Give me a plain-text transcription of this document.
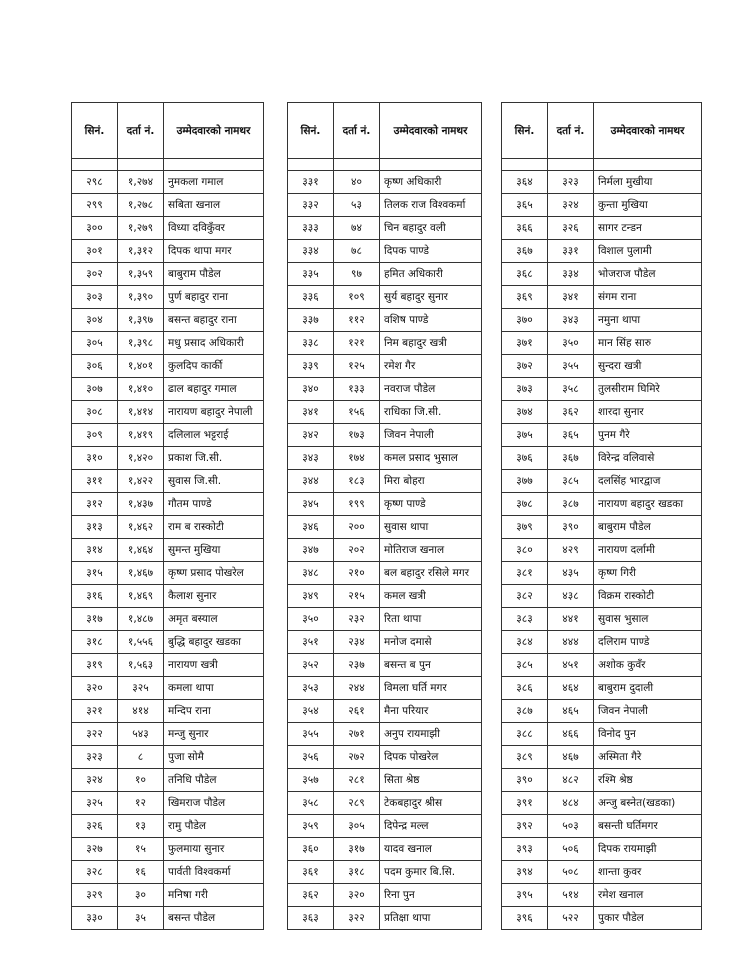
सिनं.	दर्ता नं.	उम्मेदवारको नामथर

२९८	१,२७४	नुमकला गमाल
२९९	१,२७८	सबिता खनाल
३००	१,२७९	विध्या दविकुँवर
३०१	१,३१२	दिपक थापा मगर
३०२	१,३५९	बाबुराम पौडेल
३०३	१,३९०	पुर्ण बहादुर राना
३०४	१,३९७	बसन्त बहादुर राना
३०५	१,३९८	मधु प्रसाद अधिकारी
३०६	१,४०१	कुलदिप कार्की
३०७	१,४१०	ढाल बहादुर गमाल
३०८	१,४१४	नारायण बहादुर नेपाली
३०९	१,४१९	दलिलाल भट्टराई
३१०	१,४२०	प्रकाश जि.सी.
३११	१,४२२	सुवास जि.सी.
३१२	१,४३७	गौतम पाण्डे
३१३	१,४६२	राम ब रास्कोटी
३१४	१,४६४	सुमन्त मुखिया
३१५	१,४६७	कृष्ण प्रसाद पोखरेल
३१६	१,४६९	कैलाश सुनार
३१७	१,४८७	अमृत बस्याल
३१८	१,५५६	बुद्धि बहादुर खडका
३१९	१,५६३	नारायण खत्री
३२०	३२५	कमला थापा
३२१	४१४	मन्दिप राना
३२२	५४३	मन्जु सुनार
३२३	८	पुजा सोमै
३२४	१०	तनिधि पौडेल
३२५	१२	खिमराज पौडेल
३२६	१३	रामु पौडेल
३२७	१५	फुलमाया सुनार
३२८	१६	पार्वती विश्वकर्मा
३२९	३०	मनिषा गरी
३३०	३५	बसन्त पौडेल
सिनं.	दर्ता नं.	उम्मेदवारको नामथर

३३१	४०	कृष्ण अधिकारी
३३२	५३	तिलक राज विश्वकर्मा
३३३	७४	चिन बहादुर वली
३३४	७८	दिपक पाण्डे
३३५	९७	हमित अधिकारी
३३६	१०९	सुर्य बहादुर सुनार
३३७	११२	वशिष पाण्डे
३३८	१२१	निम बहादुर खत्री
३३९	१२५	रमेश गैर
३४०	१३३	नवराज पौडेल
३४१	१५६	राधिका जि.सी.
३४२	१७३	जिवन नेपाली
३४३	१७४	कमल प्रसाद भुसाल
३४४	१८३	मिरा बोहरा
३४५	१९९	कृष्ण पाण्डे
३४६	२००	सुवास थापा
३४७	२०२	मोतिराज खनाल
३४८	२१०	बल बहादुर रसिले मगर
३४९	२१५	कमल खत्री
३५०	२३२	रिता थापा
३५१	२३४	मनोज दमासे
३५२	२३७	बसन्त ब पुन
३५३	२४४	विमला घर्ति मगर
३५४	२६१	मैना परियार
३५५	२७१	अनुप रायमाझी
३५६	२७२	दिपक पोखरेल
३५७	२८१	सिता श्रेष्ठ
३५८	२८९	टेकबहादुर श्रीस
३५९	३०५	दिपेन्द्र मल्ल
३६०	३१७	यादव खनाल
३६१	३१८	पदम कुमार बि.सि.
३६२	३२०	रिना पुन
३६३	३२२	प्रतिक्षा थापा
सिनं.	दर्ता नं.	उम्मेदवारको नामथर

३६४	३२३	निर्मला मुखीया
३६५	३२४	कुन्ता मुखिया
३६६	३२६	सागर टन्डन
३६७	३३१	विशाल पुलामी
३६८	३३४	भोजराज पौडेल
३६९	३४१	संगम राना
३७०	३४३	नमुना थापा
३७१	३५०	मान सिंह सारु
३७२	३५५	सुन्दरा खत्री
३७३	३५८	तुलसीराम घिमिरे
३७४	३६२	शारदा सुनार
३७५	३६५	पुनम गैरे
३७६	३६७	विरेन्द्र वलिवासे
३७७	३८५	दलसिंह भारद्वाज
३७८	३८७	नारायण बहादुर खडका
३७९	३९०	बाबुराम पौडेल
३८०	४२९	नारायण दर्लामी
३८१	४३५	कृष्ण गिरी
३८२	४३८	विक्रम रास्कोटी
३८३	४४१	सुवास भुसाल
३८४	४४४	दलिराम पाण्डे
३८५	४५१	अशोक कुवँर
३८६	४६४	बाबुराम दुदाली
३८७	४६५	जिवन नेपाली
३८८	४६६	विनोद पुन
३८९	४६७	अस्मिता गैरे
३९०	४८२	रश्मि श्रेष्ठ
३९१	४८४	अन्जु बस्नेत(खडका)
३९२	५०३	बसन्ती घर्तिमगर
३९३	५०६	दिपक रायमाझी
३९४	५०८	शान्ता कुवर
३९५	५१४	रमेश खनाल
३९६	५२२	पुकार पौडेल
